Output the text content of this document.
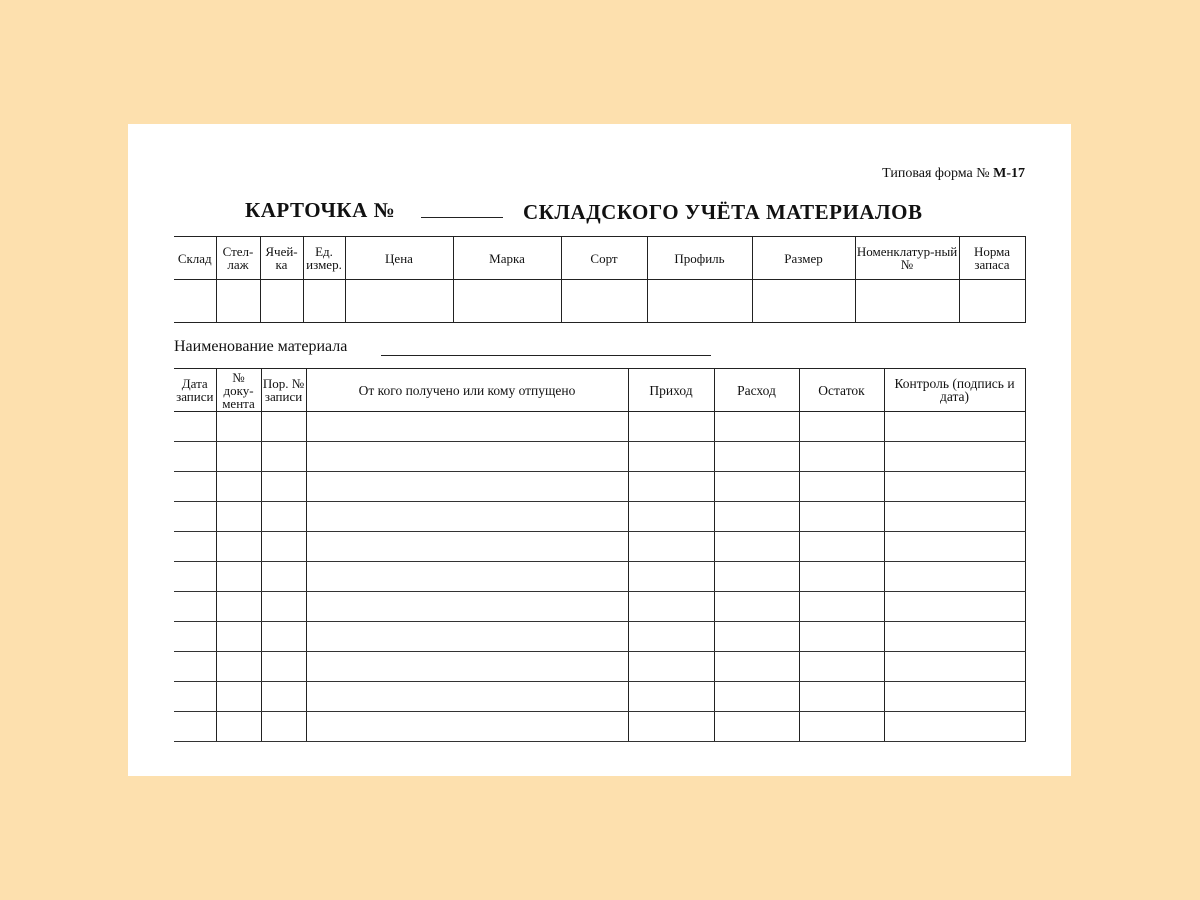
Типовая форма № М-17
КАРТОЧКА №	СКЛАДСКОГО УЧЁТА МАТЕРИАЛОВ
Склад	Стел-лаж	Ячей-ка	Ед. измер.	Цена	Марка	Сорт	Профиль	Размер	Номенклатур-ный №	Норма запаса

Наименование материала
Дата записи	№ доку-мента	Пор. № записи	От кого получено или кому отпущено	Приход	Расход	Остаток	Контроль (подпись и дата)
